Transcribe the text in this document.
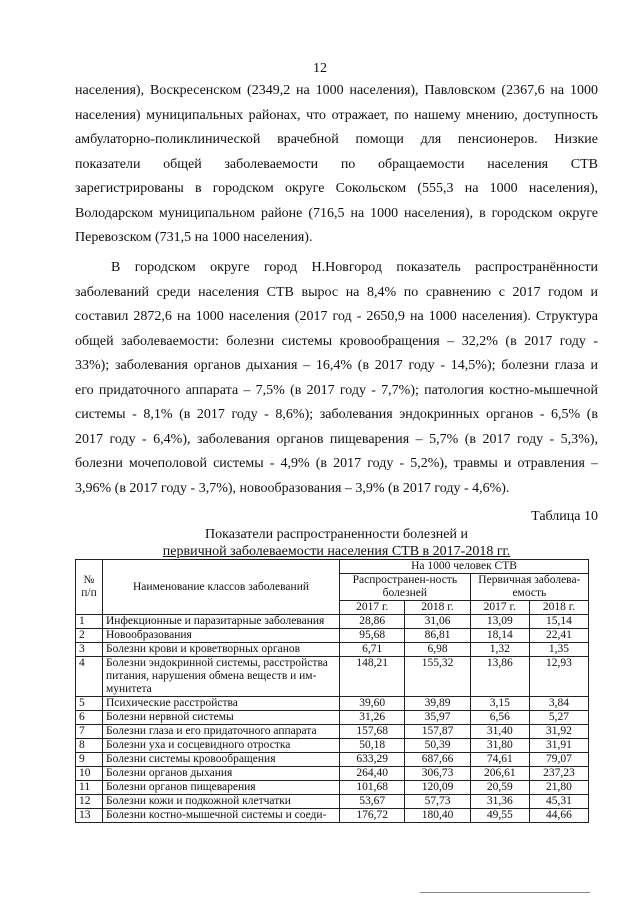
12
населения), Воскресенском (2349,2 на 1000 населения), Павловском (2367,6 на 1000
населения) муниципальных районах, что отражает, по нашему мнению, доступность
амбулаторно-поликлинической врачебной помощи для пенсионеров. Низкие
показатели общей заболеваемости по обращаемости населения СТВ
зарегистрированы в городском округе Сокольском (555,3 на 1000 населения),
Володарском муниципальном районе (716,5 на 1000 населения), в городском округе
Перевозском (731,5 на 1000 населения).
В городском округе город Н.Новгород показатель распространённости
заболеваний среди населения СТВ вырос на 8,4% по сравнению с 2017 годом и
составил 2872,6 на 1000 населения (2017 год - 2650,9 на 1000 населения). Структура
общей заболеваемости: болезни системы кровообращения – 32,2% (в 2017 году -
33%); заболевания органов дыхания – 16,4% (в 2017 году - 14,5%); болезни глаза и
его придаточного аппарата – 7,5% (в 2017 году - 7,7%); патология костно-мышечной
системы - 8,1% (в 2017 году - 8,6%); заболевания эндокринных органов - 6,5% (в
2017 году - 6,4%), заболевания органов пищеварения – 5,7% (в 2017 году - 5,3%),
болезни мочеполовой системы - 4,9% (в 2017 году - 5,2%), травмы и отравления –
3,96% (в 2017 году - 3,7%), новообразования – 3,9% (в 2017 году - 4,6%).
Таблица 10
Показатели распространенности болезней и
первичной заболеваемости населения СТВ в 2017-2018 гг.
№ п/п	Наименование классов заболеваний	На 1000 человек СТВ			
		Распространен-ность болезней		Первичная заболева-емость	
		2017 г.	2018 г.	2017 г.	2018 г.
1	Инфекционные и паразитарные заболевания	28,86	31,06	13,09	15,14
2	Новообразования	95,68	86,81	18,14	22,41
3	Болезни крови и кроветворных органов	6,71	6,98	1,32	1,35
4	Болезни эндокринной системы, расстройства питания, нарушения обмена веществ и им-мунитета	148,21	155,32	13,86	12,93
5	Психические расстройства	39,60	39,89	3,15	3,84
6	Болезни нервной системы	31,26	35,97	6,56	5,27
7	Болезни глаза и его придаточного аппарата	157,68	157,87	31,40	31,92
8	Болезни уха и сосцевидного отростка	50,18	50,39	31,80	31,91
9	Болезни системы кровообращения	633,29	687,66	74,61	79,07
10	Болезни органов дыхания	264,40	306,73	206,61	237,23
11	Болезни органов пищеварения	101,68	120,09	20,59	21,80
12	Болезни кожи и подкожной клетчатки	53,67	57,73	31,36	45,31
13	Болезни костно-мышечной системы и соеди-	176,72	180,40	49,55	44,66
